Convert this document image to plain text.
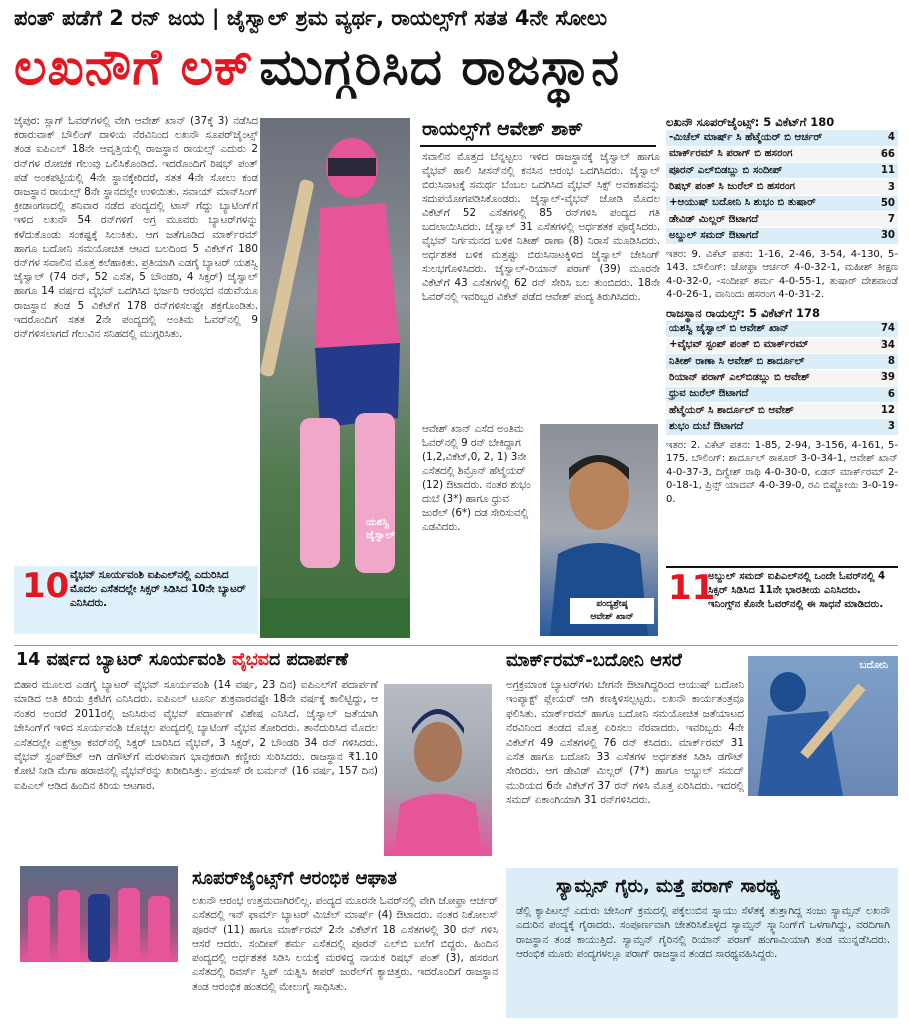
ಪಂತ್ ಪಡೆಗೆ 2 ರನ್ ಜಯ | ಜೈಸ್ವಾಲ್ ಶ್ರಮ ವ್ಯರ್ಥ, ರಾಯಲ್ಸ್‌ಗೆ ಸತತ 4ನೇ ಸೋಲು
ಲಖನೌಗೆ ಲಕ್ ಮುಗ್ಗರಿಸಿದ ರಾಜಸ್ಥಾನ

ಜೈಪುರ: ಸ್ಲಾಗ್ ಓವರ್‌ಗಳಲ್ಲಿ ವೇಗಿ ಆವೇಶ್ ಖಾನ್ (37ಕ್ಕೆ 3) ನಡೆಸಿದ ಕರಾರುವಾಕ್ ಬೌಲಿಂಗ್ ದಾಳಿಯ ನೆರವಿನಿಂದ ಲಖನೌ ಸೂಪರ್‌ಜೈಂಟ್ಸ್ ತಂಡ ಐಪಿಎಲ್ 18ನೇ ಆವೃತ್ತಿಯಲ್ಲಿ ರಾಜಸ್ಥಾನ ರಾಯಲ್ಸ್ ಎದುರು 2 ರನ್‌ಗಳ ರೋಚಕ ಗೆಲುವು ಒಲಿಸಿಕೊಂಡಿದೆ. ಇದರೊಂದಿಗೆ ರಿಷಭ್ ಪಂತ್ ಪಡೆ ಅಂಕಪಟ್ಟಿಯಲ್ಲಿ 4ನೇ ಸ್ಥಾನಕ್ಕೇರಿದರೆ, ಸತತ 4ನೇ ಸೋಲು ಕಂಡ ರಾಜಸ್ಥಾನ ರಾಯಲ್ಸ್ 8ನೇ ಸ್ಥಾನದಲ್ಲೇ ಉಳಿಯಿತು. ಸವಾಯ್ ಮಾನ್‌ಸಿಂಗ್ ಕ್ರೀಡಾಂಗಣದಲ್ಲಿ ಶನಿವಾರ ನಡೆದ ಪಂದ್ಯದಲ್ಲಿ ಟಾಸ್ ಗೆದ್ದು ಬ್ಯಾಟಿಂಗ್‌ಗೆ ಇಳಿದ ಲಖನೌ 54 ರನ್‌ಗಳಿಗೆ ಅಗ್ರ ಮೂವರು ಬ್ಯಾಟರ್‌ಗಳನ್ನು ಕಳೆದುಕೊಂಡು ಸಂಕಷ್ಟಕ್ಕೆ ಸಿಲುಕಿತು. ಆಗ ಜತೆಗೂಡಿದ ಮಾರ್ಕ್‌ರಮ್ ಹಾಗೂ ಬದೋನಿ ಸಮಯೋಚಿತ ಆಟದ ಬಲದಿಂದ 5 ವಿಕೆಟ್‌ಗೆ 180 ರನ್‌ಗಳ ಸವಾಲಿನ ಮೊತ್ತ ಕಲೆಹಾಕಿತು. ಪ್ರತಿಯಾಗಿ ಎಡಗೈ ಬ್ಯಾಟರ್ ಯಶಸ್ವಿ ಜೈಸ್ವಾಲ್ (74 ರನ್, 52 ಎಸೆತ, 5 ಬೌಂಡರಿ, 4 ಸಿಕ್ಸರ್) ಜೈಸ್ವಾಲ್ ಹಾಗೂ 14 ವರ್ಷದ ವೈಭವ್ ಒದಗಿಸಿದ ಭರ್ಜರಿ ಆರಂಭದ ನಡುವೆಯೂ ರಾಜಸ್ಥಾನ ತಂಡ 5 ವಿಕೆಟ್‌ಗೆ 178 ರನ್‌ಗಳಿಸಲಷ್ಟೇ ಶಕ್ತಗೊಂಡಿತು. ಇದರೊಂದಿಗೆ ಸತತ 2ನೇ ಪಂದ್ಯದಲ್ಲಿ ಅಂತಿಮ ಓವರ್‌ನಲ್ಲಿ 9 ರನ್‌ಗಳಿಸಲಾಗದೆ ಗೆಲುವಿನ ಸನಿಹದಲ್ಲಿ ಮುಗ್ಗರಿಸಿತು.

ಯಶಸ್ವಿ ಜೈಸ್ವಾಲ್
ರಾಯಲ್ಸ್‌ಗೆ ಆವೇಶ್ ಶಾಕ್
ಸವಾಲಿನ ಮೊತ್ತದ ಬೆನ್ನಟ್ಟಲು ಇಳಿದ ರಾಜಸ್ಥಾನಕ್ಕೆ ಜೈಸ್ವಾಲ್ ಹಾಗೂ ವೈಭವ್ ಹಾಲಿ ಸೀಸನ್‌ನಲ್ಲಿ ಕನಸಿನ ಆರಂಭ ಒದಗಿಸಿದರು. ಜೈಸ್ವಾಲ್ ಬಿರುಸಿನಾಟಕ್ಕೆ ಸಮರ್ಥ ಬೆಂಬಲ ಒದಗಿಸಿದ ವೈಭವ್ ಸಿಕ್ಸ್ ಅವಕಾಶವನ್ನು ಸದುಪಯೋಗಪಡಿಸಿಕೊಂಡರು. ಜೈಸ್ವಾಲ್-ವೈಭವ್ ಜೋಡಿ ಮೊದಲ ವಿಕೆಟ್‌ಗೆ 52 ಎಸೆತಗಳಲ್ಲಿ 85 ರನ್‌ಗಳಿಸಿ ಪಂದ್ಯದ ಗತಿ ಬದಲಾಯಿಸಿದರು. ಜೈಸ್ವಾಲ್ 31 ಎಸೆತಗಳಲ್ಲಿ ಅರ್ಧಶತಕ ಪೂರೈಸಿದರು. ವೈಭವ್ ನಿರ್ಗಮನದ ಬಳಿಕ ನಿತೀಶ್ ರಾಣಾ (8) ನಿರಾಸೆ ಮೂಡಿಸಿದರು. ಅರ್ಧಶತಕ ಬಳಿಕ ಮತ್ತಷ್ಟು ಬಿರುಸಿನಾಟಕ್ಕಿಳಿದ ಜೈಸ್ವಾಲ್ ಚೇಸಿಂಗ್ ಸುಲಭಗೊಳಿಸಿದರು. ಜೈಸ್ವಾಲ್-ರಿಯಾನ್ ಪರಾಗ್ (39) ಮೂರನೇ ವಿಕೆಟ್‌ಗೆ 43 ಎಸೆತಗಳಲ್ಲಿ 62 ರನ್ ಸೇರಿಸಿ ಬಲ ತುಂಬಿದರು. 18ನೇ ಓವರ್‌ನಲ್ಲಿ ಇವರಿಬ್ಬರ ವಿಕೆಟ್ ಪಡೆದ ಆವೇಶ್ ಪಂದ್ಯ ತಿರುಗಿಸಿದರು.
ಆವೇಶ್ ಖಾನ್ ಎಸೆದ ಅಂತಿಮ ಓವರ್‌ನಲ್ಲಿ 9 ರನ್ ಬೇಕಿದ್ದಾಗ (1,2,ವಿಕೆಟ್,0, 2, 1) 3ನೇ ಎಸೆತದಲ್ಲಿ ಶಿಮ್ರೊನ್ ಹೆಟ್ಮೆಯರ್ (12) ಔಟಾದರು. ನಂತರ ಶುಭಂ ದುಬೆ (3*) ಹಾಗೂ ಧ್ರುವ ಜುರೆಲ್ (6*) ದಡ ಸೇರಿಸುವಲ್ಲಿ ಎಡವಿದರು.
ಪಂದ್ಯಶ್ರೇಷ್ಠ
ಆವೇಶ್ ಖಾನ್
10 ವೈಭವ್ ಸೂರ್ಯವಂಶಿ ಐಪಿಎಲ್‌ನಲ್ಲಿ ಎದುರಿಸಿದ ಮೊದಲ ಎಸೆತದಲ್ಲೇ ಸಿಕ್ಸರ್ ಸಿಡಿಸಿದ 10ನೇ ಬ್ಯಾಟರ್ ಎನಿಸಿದರು.
ಲಖನೌ ಸೂಪರ್‌ಜೈಂಟ್ಸ್: 5 ವಿಕೆಟ್‌ಗೆ 180
-ಮಿಚೆಲ್ ಮಾರ್ಷ್ ಸಿ ಹೆಟ್ಮೆಯರ್ ಬಿ ಆರ್ಚರ್	4
ಮಾರ್ಕ್‌ರಮ್ ಸಿ ಪರಾಗ್ ಬಿ ಹಸರಂಗ	66
ಪೂರನ್ ಎಲ್‌ಬಿಡಬ್ಲು ಬಿ ಸಂದೀಪ್	11
ರಿಷಭ್ ಪಂತ್ ಸಿ ಜುರೆಲ್ ಬಿ ಹಸರಂಗ	3
+ಆಯುಷ್ ಬದೋನಿ ಸಿ ಶುಭಂ ಬಿ ತುಷಾರ್	50
ಡೇವಿಡ್ ಮಿಲ್ಲರ್ ಔಟಾಗದೆ	7
ಅಬ್ದುಲ್ ಸಮದ್ ಔಟಾಗದೆ	30
ಇತರ: 9. ವಿಕೆಟ್ ಪತನ: 1-16, 2-46, 3-54, 4-130, 5-143. ಬೌಲಿಂಗ್: ಜೋಫ್ರಾ ಆರ್ಚರ್ 4-0-32-1, ಮಹೀಶ್ ತೀಕ್ಷಣ 4-0-32-0, -ಸಂದೀಪ್ ಶರ್ಮ 4-0-55-1, ತುಷಾರ್ ದೇಶಪಾಂಡೆ 4-0-26-1, ವಾನಿಂದು ಹಸರಂಗ 4-0-31-2.
ರಾಜಸ್ಥಾನ ರಾಯಲ್ಸ್: 5 ವಿಕೆಟ್‌ಗೆ 178
ಯಶಸ್ವಿ ಜೈಸ್ವಾಲ್ ಬಿ ಆವೇಶ್ ಖಾನ್	74
+ವೈಭವ್ ಸ್ಟಂಪ್ ಪಂತ್ ಬಿ ಮಾರ್ಕ್‌ರಮ್	34
ನಿತೀಶ್ ರಾಣಾ ಸಿ ಆವೇಶ್ ಬಿ ಶಾರ್ದೂಲ್	8
ರಿಯಾನ್ ಪರಾಗ್ ಎಲ್‌ಬಿಡಬ್ಲು ಬಿ ಆವೇಶ್	39
ಧ್ರುವ ಜುರೆಲ್ ಔಟಾಗದೆ	6
ಹೆಟ್ಮೆಯರ್ ಸಿ ಶಾರ್ದೂಲ್ ಬಿ ಆವೇಶ್	12
ಶುಭಂ ದುಬೆ ಔಟಾಗದೆ	3
ಇತರ: 2. ವಿಕೆಟ್ ಪತನ: 1-85, 2-94, 3-156, 4-161, 5-175. ಬೌಲಿಂಗ್: ಶಾರ್ದೂಲ್ ಠಾಕೂರ್ 3-0-34-1, ಆವೇಶ್ ಖಾನ್ 4-0-37-3, ದಿಗ್ವೇಶ್ ರಾಥಿ 4-0-30-0, ಏಡನ್ ಮಾರ್ಕ್‌ರಮ್ 2-0-18-1, ಪ್ರಿನ್ಸ್ ಯಾದವ್ 4-0-39-0, ರವಿ ಬಿಷ್ಣೋಯಿ 3-0-19-0.
11
ಅಬ್ದುಲ್ ಸಮದ್ ಐಪಿಎಲ್‌ನಲ್ಲಿ ಒಂದೇ ಓವರ್‌ನಲ್ಲಿ 4 ಸಿಕ್ಸರ್ ಸಿಡಿಸಿದ 11ನೇ ಭಾರತೀಯ ಎನಿಸಿದರು. ಇನಿಂಗ್ಸ್‌ನ ಕೊನೇ ಓವರ್‌ನಲ್ಲಿ ಈ ಸಾಧನೆ ಮಾಡಿದರು.
14 ವರ್ಷದ ಬ್ಯಾಟರ್ ಸೂರ್ಯವಂಶಿ ವೈಭವದ ಪದಾರ್ಪಣೆ
ಬಿಹಾರ ಮೂಲದ ಎಡಗೈ ಬ್ಯಾಟರ್ ವೈಭವ್ ಸೂರ್ಯವಂಶಿ (14 ವರ್ಷ, 23 ದಿನ) ಐಪಿಎಲ್‌ಗೆ ಪದಾರ್ಪಣೆ ಮಾಡಿದ ಅತಿ ಕಿರಿಯ ಕ್ರಿಕೆಟಿಗ ಎನಿಸಿದರು. ಐಪಿಎಲ್ ಟೂರ್ನಿ ಶುಕ್ರವಾರವಷ್ಟೇ 18ನೇ ವರ್ಷಕ್ಕೆ ಕಾಲಿಟ್ಟಿದ್ದು, ಆ ನಂತರ ಅಂದರೆ 2011ರಲ್ಲಿ ಜನಿಸಿರುವ ವೈಭವ್ ಪದಾರ್ಪಣೆ ವಿಶೇಷ ಎನಿಸಿದೆ. ಜೈಸ್ವಾಲ್ ಜತೆಯಾಗಿ ಚೇಸಿಂಗ್‌ಗೆ ಇಳಿದ ಸೂರ್ಯವಂಶಿ ಚೊಚ್ಚಲ ಪಂದ್ಯದಲ್ಲಿ ಬ್ಯಾಟಿಂಗ್ ವೈಭವ ತೋರಿದರು. ತಾನೆದುರಿಸಿದ ಮೊದಲ ಎಸೆತದಲ್ಲೇ ಎಕ್ಸ್‌ಟ್ರಾ ಕವರ್‌ನಲ್ಲಿ ಸಿಕ್ಸರ್ ಬಾರಿಸಿದ ವೈಭವ್, 3 ಸಿಕ್ಸರ್, 2 ಬೌಂಡರಿ 34 ರನ್ ಗಳಿಸಿದರು. ವೈಭವ್ ಸ್ಟಂಪ್‌ಔಟ್ ಆಗಿ ಡಗೌಟ್‌ಗೆ ಮರಳುವಾಗ ಭಾವುಕರಾಗಿ ಕಣ್ಣೀರು ಸುರಿಸಿದರು. ರಾಜಸ್ಥಾನ ₹1.10 ಕೋಟಿ ನೀಡಿ ಮೆಗಾ ಹರಾಜಿನಲ್ಲಿ ವೈಭವ್‌ರನ್ನು ಖರೀದಿಸಿತ್ತು. ಪ್ರಯಾಸ್ ರೇ ಬರ್ಮನ್ (16 ವರ್ಷ, 157 ದಿನ) ಐಪಿಎಲ್ ಆಡಿದ ಹಿಂದಿನ ಕಿರಿಯ ಆಟಗಾರ.
ಮಾರ್ಕ್‌ರಮ್-ಬದೋನಿ ಆಸರೆ
ಅಗ್ರಕ್ರಮಾಂಕ ಬ್ಯಾಟರ್‌ಗಳು ಬೇಗನೇ ಔಟಾಗಿದ್ದರಿಂದ ಆಯುಷ್ ಬದೋನಿ ಇಂಪ್ಯಾಕ್ಟ್ ಪ್ಲೇಯರ್ ಆಗಿ ಕಣಕ್ಕಿಳಿಸಲ್ಪಟ್ಟರು. ಲಖನೌ ಕಾರ್ಯತಂತ್ರವೂ ಫಲಿಸಿತು. ಮಾರ್ಕ್‌ರಮ್ ಹಾಗೂ ಬದೋನಿ ಸಮಯೋಚಿತ ಜತೆಯಾಟದ ನೆರವಿನಿಂದ ತಂಡದ ಮೊತ್ತ ಏರಿಸಲು ನೆರವಾದರು. ಇವರಿಬ್ಬರು 4ನೇ ವಿಕೆಟ್‌ಗೆ 49 ಎಸೆತಗಳಲ್ಲಿ 76 ರನ್ ಕಸಿದರು. ಮಾರ್ಕ್‌ರಮ್ 31 ಎಸೆತ ಹಾಗೂ ಬದೋನಿ 33 ಎಸೆತಗಳ ಅರ್ಧಶತಕ ಸಿಡಿಸಿ ಡಗೌಟ್ ಸೇರಿದರು. ಆಗ ಡೇವಿಡ್ ಮಿಲ್ಲರ್ (7*) ಹಾಗೂ ಅಬ್ದುಲ್ ಸಮದ್ ಮುರಿಯದ 6ನೇ ವಿಕೆಟ್‌ಗೆ 37 ರನ್ ಗಳಿಸಿ ಮೊತ್ತ ಏರಿಸಿದರು. ಇದರಲ್ಲಿ ಸಮದ್ ಏಕಾಂಗಿಯಾಗಿ 31 ರನ್‌ಗಳಿಸಿದರು.
ಬದೋನಿ
ಸೂಪರ್‌ಜೈಂಟ್ಸ್‌ಗೆ ಆರಂಭಿಕ ಆಘಾತ
ಲಖನೌ ಆರಂಭ ಉತ್ತಮವಾಗಿರಲಿಲ್ಲ. ಪಂದ್ಯದ ಮೂರನೇ ಓವರ್‌ನಲ್ಲಿ ವೇಗಿ ಜೋಫ್ರಾ ಆರ್ಚರ್ ಎಸೆತದಲ್ಲಿ ಇನ್ ಫಾರ್ಮ್ ಬ್ಯಾಟರ್ ಮಿಚೆಲ್ ಮಾರ್ಷ್ (4) ಔಟಾದರು. ನಂತರ ನಿಕೋಲಸ್ ಪೂರನ್ (11) ಹಾಗೂ ಮಾರ್ಕ್‌ರಮ್ 2ನೇ ವಿಕೆಟ್‌ಗೆ 18 ಎಸೆತಗಳಲ್ಲಿ 30 ರನ್ ಗಳಿಸಿ ಆಸರೆ ಆದರು. ಸಂದೀಪ್ ಶರ್ಮ ಎಸೆತದಲ್ಲಿ ಪೂರನ್ ಎಲ್‌ಬಿ ಬಲೆಗೆ ಬಿದ್ದರು. ಹಿಂದಿನ ಪಂದ್ಯದಲ್ಲಿ ಅರ್ಧಶತಕ ಸಿಡಿಸಿ ಲಯಕ್ಕೆ ಮರಳಿದ್ದ ನಾಯಕ ರಿಷಭ್ ಪಂತ್ (3), ಹಸರಂಗ ಎಸೆತದಲ್ಲಿ ರಿವರ್ಸ್ ಸ್ವಿಪ್ ಯತ್ನಿಸಿ ಕೀಪರ್ ಜುರೆಲ್‌ಗೆ ಕ್ಯಾಚಿತ್ತರು. ಇದರೊಂದಿಗೆ ರಾಜಸ್ಥಾನ ತಂಡ ಆರಂಭಿಕ ಹಂತದಲ್ಲಿ ಮೇಲುಗೈ ಸಾಧಿಸಿತು.
ಸ್ಯಾಮ್ಸನ್ ಗೈರು, ಮತ್ತೆ ಪರಾಗ್ ಸಾರಥ್ಯ
ಡೆಲ್ಲಿ ಕ್ಯಾಪಿಟಲ್ಸ್ ಎದುರು ಚೇಸಿಂಗ್ ಕ್ರಮದಲ್ಲಿ ಪಕ್ಕೆಲುಬಿನ ಸ್ನಾಯು ಸೆಳೆತಕ್ಕೆ ತುತ್ತಾಗಿದ್ದ ಸಂಜು ಸ್ಯಾಮ್ಸನ್ ಲಖನೌ ಎದುರಿನ ಪಂದ್ಯಕ್ಕೆ ಗೈರಾದರು. ಸಂಪೂರ್ಣವಾಗಿ ಚೇತರಿಸಿಕೊಳ್ಳದ ಸ್ಯಾಮ್ಸನ್ ಸ್ಕ್ಯಾನಿಂಗ್‌ಗೆ ಒಳಗಾಗಿದ್ದು, ವರದಿಗಾಗಿ ರಾಜಸ್ಥಾನ ತಂಡ ಕಾಯುತ್ತಿದೆ. ಸ್ಯಾಮ್ಸನ್ ಗೈರಿನಲ್ಲಿ ರಿಯಾನ್ ಪರಾಗ್ ಹಂಗಾಮಿಯಾಗಿ ತಂಡ ಮುನ್ನಡೆಸಿದರು. ಆರಂಭಿಕ ಮೂರು ಪಂದ್ಯಗಳಲ್ಲೂ ಪರಾಗ್ ರಾಜಸ್ಥಾನ ತಂಡದ ಸಾರಥ್ಯವಹಿಸಿದ್ದರು.
